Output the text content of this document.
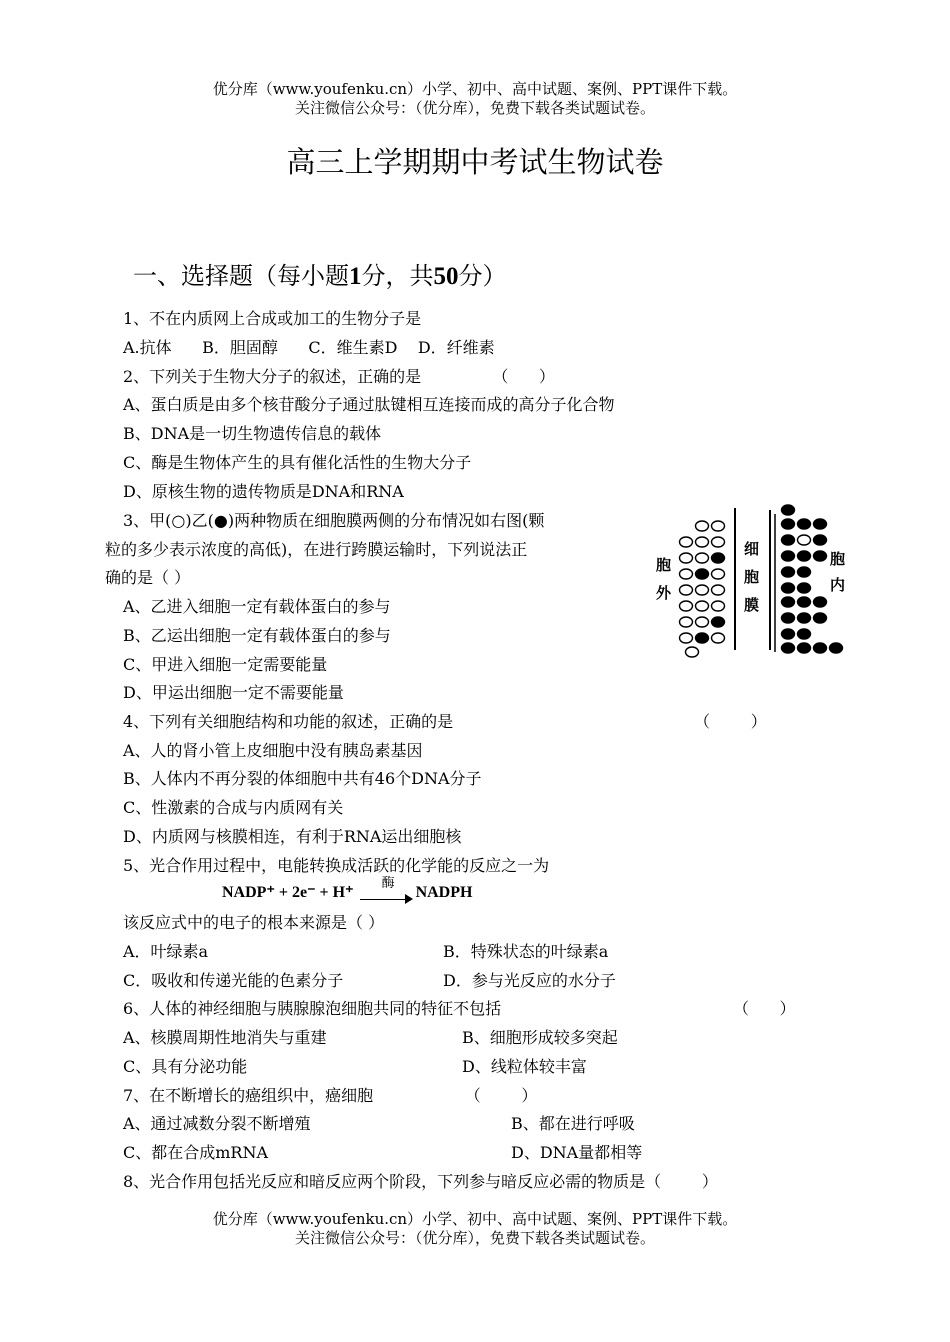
优分库（www.youfenku.cn）小学、初中、高中试题、案例、PPT课件下载。
关注微信公众号：（优分库），免费下载各类试题试卷。
高三上学期期中考试生物试卷
一、选择题（每小题1分，共50分）
1、不在内质网上合成或加工的生物分子是
A.抗体      B．胆固醇      C．维生素D    D．纤维素
2、下列关于生物大分子的叙述，正确的是              （      ）
A、蛋白质是由多个核苷酸分子通过肽键相互连接而成的高分子化合物
B、DNA是一切生物遗传信息的载体
C、酶是生物体产生的具有催化活性的生物大分子
D、原核生物的遗传物质是DNA和RNA
3、甲(○)乙(●)两种物质在细胞膜两侧的分布情况如右图(颗
粒的多少表示浓度的高低)，在进行跨膜运输时，下列说法正
确的是（ ）
A、乙进入细胞一定有载体蛋白的参与
B、乙运出细胞一定有载体蛋白的参与
C、甲进入细胞一定需要能量
D、甲运出细胞一定不需要能量
胞
外
细
胞
膜
胞
内
4、下列有关细胞结构和功能的叙述，正确的是	（        ）
A、人的肾小管上皮细胞中没有胰岛素基因
B、人体内不再分裂的体细胞中共有46个DNA分子
C、性激素的合成与内质网有关
D、内质网与核膜相连，有利于RNA运出细胞核
5、光合作用过程中，电能转换成活跃的化学能的反应之一为
NADP⁺ + 2e⁻ + H⁺
酶
NADPH
该反应式中的电子的根本来源是（ ）
A．叶绿素a	B．特殊状态的叶绿素a
C．吸收和传递光能的色素分子	D．参与光反应的水分子
6、人体的神经细胞与胰腺腺泡细胞共同的特征不包括	（      ）
A、核膜周期性地消失与重建	B、细胞形成较多突起
C、具有分泌功能	D、线粒体较丰富
7、在不断增长的癌组织中，癌细胞                  （        ）
A、通过减数分裂不断增殖	B、都在进行呼吸
C、都在合成mRNA	D、DNA量都相等
8、光合作用包括光反应和暗反应两个阶段，下列参与暗反应必需的物质是（        ）
优分库（www.youfenku.cn）小学、初中、高中试题、案例、PPT课件下载。
关注微信公众号：（优分库），免费下载各类试题试卷。
